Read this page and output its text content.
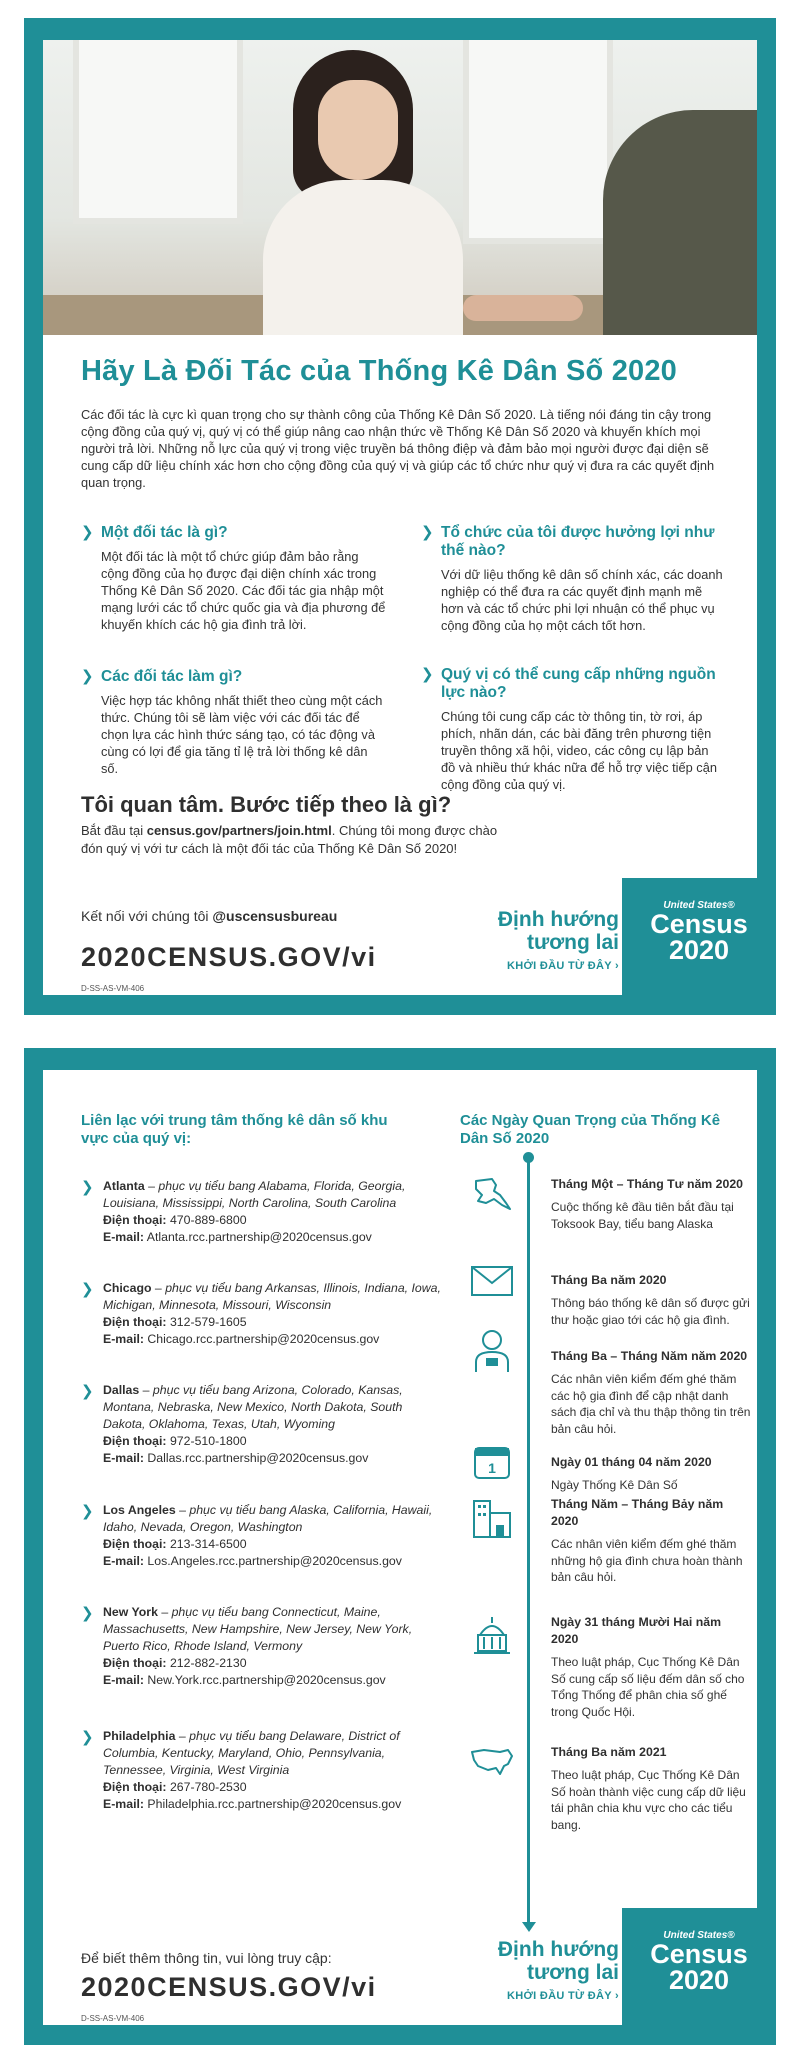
Hãy Là Đối Tác của Thống Kê Dân Số 2020

Các đối tác là cực kì quan trọng cho sự thành công của Thống Kê Dân Số 2020. Là tiếng nói đáng tin cậy trong cộng đồng của quý vị, quý vị có thể giúp nâng cao nhận thức về Thống Kê Dân Số 2020 và khuyến khích mọi người trả lời. Những nỗ lực của quý vị trong việc truyền bá thông điệp và đảm bảo mọi người được đại diện sẽ cung cấp dữ liệu chính xác hơn cho cộng đồng của quý vị và giúp các tổ chức như quý vị đưa ra các quyết định quan trọng.

❯ Một đối tác là gì?

Một đối tác là một tổ chức giúp đảm bảo rằng cộng đồng của họ được đại diện chính xác trong Thống Kê Dân Số 2020. Các đối tác gia nhập một mạng lưới các tổ chức quốc gia và địa phương để khuyến khích các hộ gia đình trả lời.

❯ Các đối tác làm gì?

Việc hợp tác không nhất thiết theo cùng một cách thức. Chúng tôi sẽ làm việc với các đối tác để chọn lựa các hình thức sáng tạo, có tác động và cùng có lợi để gia tăng tỉ lệ trả lời thống kê dân số.

❯ Tổ chức của tôi được hưởng lợi như thế nào?

Với dữ liệu thống kê dân số chính xác, các doanh nghiệp có thể đưa ra các quyết định mạnh mẽ hơn và các tổ chức phi lợi nhuận có thể phục vụ cộng đồng của họ một cách tốt hơn.

❯ Quý vị có thể cung cấp những nguồn lực nào?

Chúng tôi cung cấp các tờ thông tin, tờ rơi, áp phích, nhãn dán, các bài đăng trên phương tiện truyền thông xã hội, video, các công cụ lập bản đồ và nhiều thứ khác nữa để hỗ trợ việc tiếp cận cộng đồng của quý vị.

Tôi quan tâm. Bước tiếp theo là gì?

Bắt đầu tại census.gov/partners/join.html. Chúng tôi mong được chào đón quý vị với tư cách là một đối tác của Thống Kê Dân Số 2020!

Kết nối với chúng tôi @uscensusbureau

2020CENSUS.GOV/vi
D-SS-AS-VM-406
Định hướng
tương lai
KHỞI ĐẦU TỪ ĐÂY ›
United States®
Census
2020
Liên lạc với trung tâm thống kê dân số khu vực của quý vị:
❯ Atlanta – phục vụ tiểu bang Alabama, Florida, Georgia, Louisiana, Mississippi, North Carolina, South Carolina
Điện thoại: 470-889-6800
E-mail: Atlanta.rcc.partnership@2020census.gov
❯ Chicago – phục vụ tiểu bang Arkansas, Illinois, Indiana, Iowa, Michigan, Minnesota, Missouri, Wisconsin
Điện thoại: 312-579-1605
E-mail: Chicago.rcc.partnership@2020census.gov
❯ Dallas – phục vụ tiểu bang Arizona, Colorado, Kansas, Montana, Nebraska, New Mexico, North Dakota, South Dakota, Oklahoma, Texas, Utah, Wyoming
Điện thoại: 972-510-1800
E-mail: Dallas.rcc.partnership@2020census.gov
❯ Los Angeles – phục vụ tiểu bang Alaska, California, Hawaii, Idaho, Nevada, Oregon, Washington
Điện thoại: 213-314-6500
E-mail: Los.Angeles.rcc.partnership@2020census.gov
❯ New York – phục vụ tiểu bang Connecticut, Maine, Massachusetts, New Hampshire, New Jersey, New York, Puerto Rico, Rhode Island, Vermony
Điện thoại: 212-882-2130
E-mail: New.York.rcc.partnership@2020census.gov
❯ Philadelphia – phục vụ tiểu bang Delaware, District of Columbia, Kentucky, Maryland, Ohio, Pennsylvania, Tennessee, Virginia, West Virginia
Điện thoại: 267-780-2530
E-mail: Philadelphia.rcc.partnership@2020census.gov
Các Ngày Quan Trọng của Thống Kê Dân Số 2020
Tháng Một – Tháng Tư năm 2020
Cuộc thống kê đầu tiên bắt đầu tại Toksook Bay, tiểu bang Alaska
Tháng Ba năm 2020
Thông báo thống kê dân số được gửi thư hoặc giao tới các hộ gia đình.
Tháng Ba – Tháng Năm năm 2020
Các nhân viên kiểm đếm ghé thăm các hộ gia đình để cập nhật danh sách địa chỉ và thu thập thông tin trên bản câu hỏi.
1	Ngày 01 tháng 04 năm 2020
Ngày Thống Kê Dân Số
Tháng Năm – Tháng Bảy năm 2020
Các nhân viên kiểm đếm ghé thăm những hộ gia đình chưa hoàn thành bản câu hỏi.
Ngày 31 tháng Mười Hai năm 2020
Theo luật pháp, Cục Thống Kê Dân Số cung cấp số liệu đếm dân số cho Tổng Thống để phân chia số ghế trong Quốc Hội.
Tháng Ba năm 2021
Theo luật pháp, Cục Thống Kê Dân Số hoàn thành việc cung cấp dữ liệu tái phân chia khu vực cho các tiểu bang.

Để biết thêm thông tin, vui lòng truy cập:

2020CENSUS.GOV/vi
D-SS-AS-VM-406
Định hướng
tương lai
KHỞI ĐẦU TỪ ĐÂY ›
United States®
Census
2020
